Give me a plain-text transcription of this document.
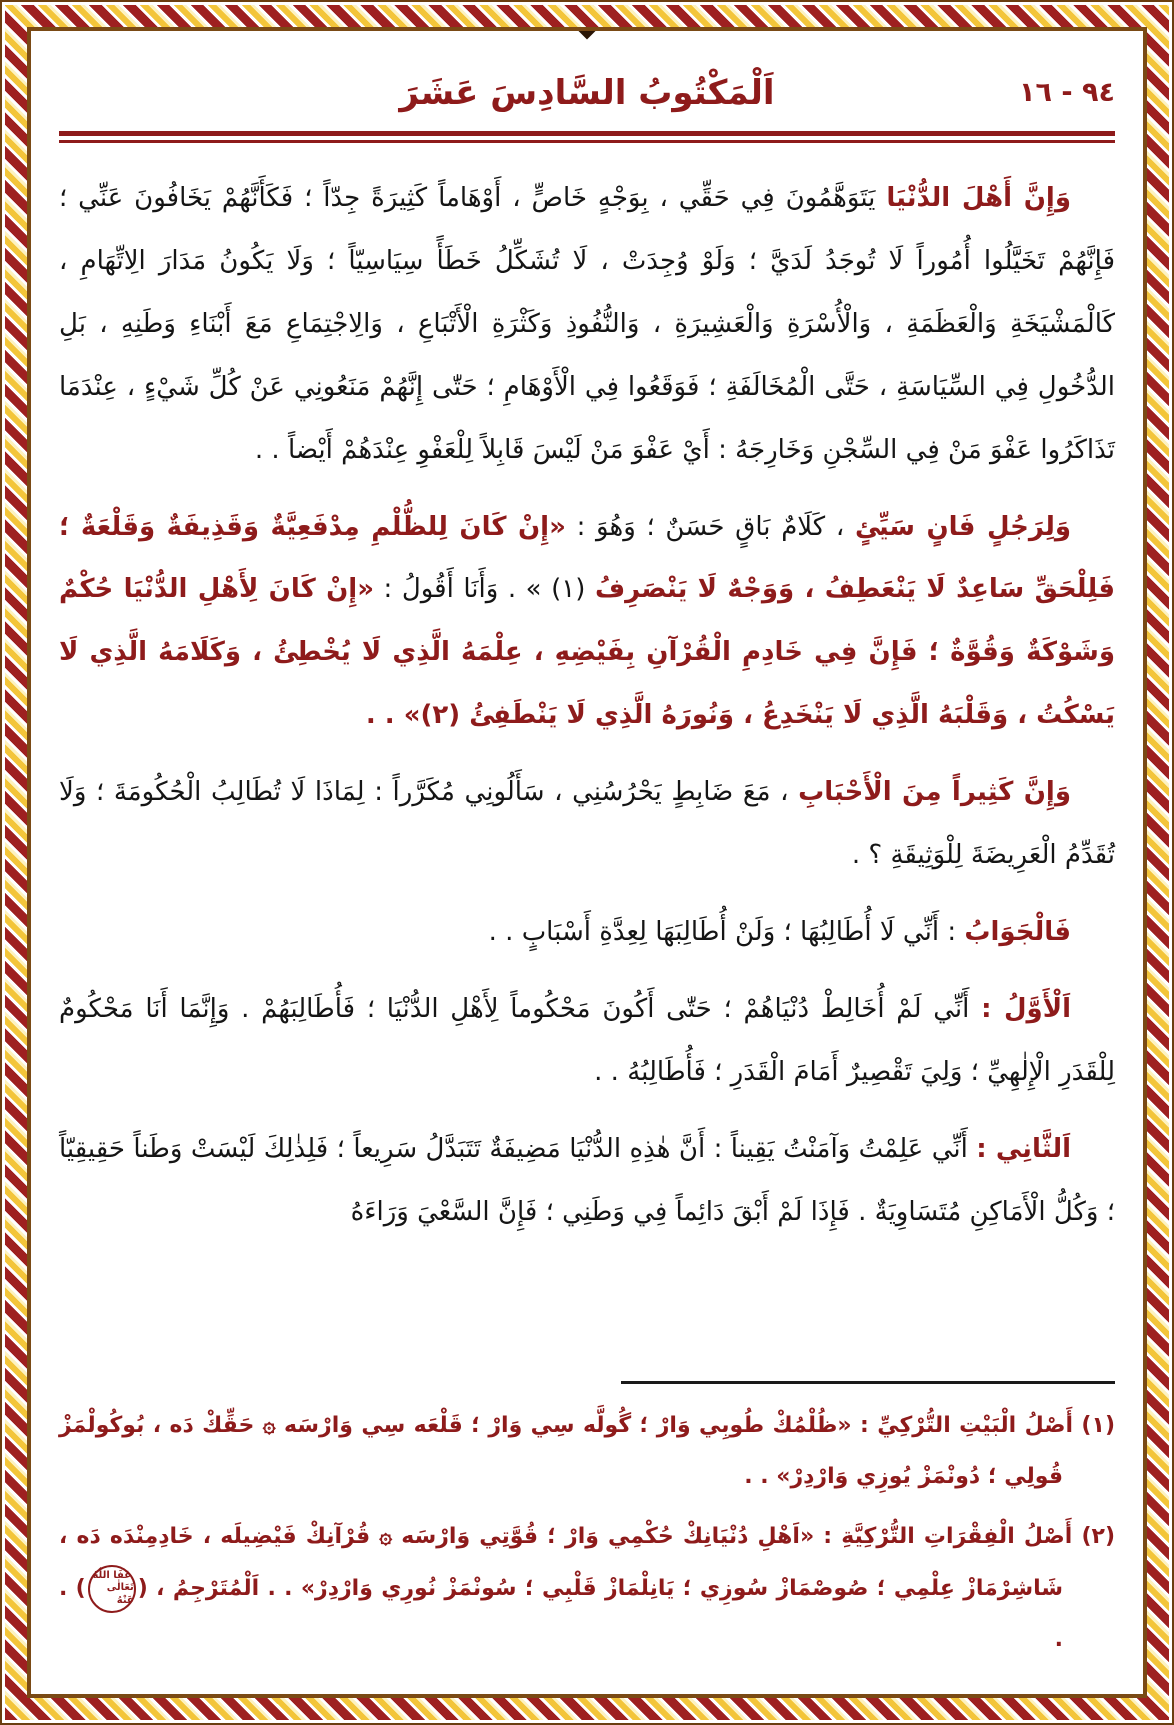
٩٤ - ١٦
اَلْمَكْتُوبُ السَّادِسَ عَشَرَ

وَإِنَّ أَهْلَ الدُّنْيَا يَتَوَهَّمُونَ فِي حَقِّي ، بِوَجْهٍ خَاصٍّ ، أَوْهَاماً كَثِيرَةً جِدّاً ؛ فَكَأَنَّهُمْ يَخَافُونَ عَنِّي ؛ فَإِنَّهُمْ تَخَيَّلُوا أُمُوراً لَا تُوجَدُ لَدَيَّ ؛ وَلَوْ وُجِدَتْ ، لَا تُشَكِّلُ خَطَأً سِيَاسِيّاً ؛ وَلَا يَكُونُ مَدَارَ الِاتِّهَامِ ، كَالْمَشْيَخَةِ وَالْعَظَمَةِ ، وَالْأُسْرَةِ وَالْعَشِيرَةِ ، وَالنُّفُوذِ وَكَثْرَةِ الْأَتْبَاعِ ، وَالِاجْتِمَاعِ مَعَ أَبْنَاءِ وَطَنِهِ ، بَلِ الدُّخُولِ فِي السِّيَاسَةِ ، حَتَّى الْمُخَالَفَةِ ؛ فَوَقَعُوا فِي الْأَوْهَامِ ؛ حَتّٰى إِنَّهُمْ مَنَعُونِي عَنْ كُلِّ شَيْءٍ ، عِنْدَمَا تَذَاكَرُوا عَفْوَ مَنْ فِي السِّجْنِ وَخَارِجَهُ : أَيْ عَفْوَ مَنْ لَيْسَ قَابِلاً لِلْعَفْوِ عِنْدَهُمْ أَيْضاً . .

وَلِرَجُلٍ فَانٍ سَيِّئٍ ، كَلَامٌ بَاقٍ حَسَنٌ ؛ وَهُوَ : «إِنْ كَانَ لِلظُّلْمِ مِدْفَعِيَّةٌ وَقَذِيفَةٌ وَقَلْعَةٌ ؛ فَلِلْحَقِّ سَاعِدٌ لَا يَنْعَطِفُ ، وَوَجْهٌ لَا يَنْصَرِفُ (١) » . وَأَنَا أَقُولُ : «إِنْ كَانَ لِأَهْلِ الدُّنْيَا حُكْمٌ وَشَوْكَةٌ وَقُوَّةٌ ؛ فَإِنَّ فِي خَادِمِ الْقُرْآنِ بِفَيْضِهِ ، عِلْمَهُ الَّذِي لَا يُخْطِئُ ، وَكَلَامَهُ الَّذِي لَا يَسْكُتُ ، وَقَلْبَهُ الَّذِي لَا يَنْخَدِعُ ، وَنُورَهُ الَّذِي لَا يَنْطَفِئُ (٢)» . .

وَإِنَّ كَثِيراً مِنَ الْأَحْبَابِ ، مَعَ ضَابِطٍ يَحْرُسُنِي ، سَأَلُونِي مُكَرَّراً : لِمَاذَا لَا تُطَالِبُ الْحُكُومَةَ ؛ وَلَا تُقَدِّمُ الْعَرِيضَةَ لِلْوَثِيقَةِ ؟ .

فَالْجَوَابُ : أَنِّي لَا أُطَالِبُهَا ؛ وَلَنْ أُطَالِبَهَا لِعِدَّةِ أَسْبَابٍ . .

اَلْأَوَّلُ : أَنِّي لَمْ أُخَالِطْ دُنْيَاهُمْ ؛ حَتّٰى أَكُونَ مَحْكُوماً لِأَهْلِ الدُّنْيَا ؛ فَأُطَالِبَهُمْ . وَإِنَّمَا أَنَا مَحْكُومٌ لِلْقَدَرِ الْإِلٰهِيِّ ؛ وَلِيَ تَقْصِيرٌ أَمَامَ الْقَدَرِ ؛ فَأُطَالِبُهُ . .

اَلثَّانِي : أَنِّي عَلِمْتُ وَآمَنْتُ يَقِيناً : أَنَّ هٰذِهِ الدُّنْيَا مَضِيفَةٌ تَتَبَدَّلُ سَرِيعاً ؛ فَلِذٰلِكَ لَيْسَتْ وَطَناً حَقِيقِيّاً ؛ وَكُلُّ الْأَمَاكِنِ مُتَسَاوِيَةٌ . فَإِذَا لَمْ أَبْقَ دَائِماً فِي وَطَنِي ؛ فَإِنَّ السَّعْيَ وَرَاءَهُ

(١) أَصْلُ الْبَيْتِ التُّرْكِيِّ : «ظُلْمُكْ طُوبِي وَارْ ؛ گُولَّه سِي وَارْ ؛ قَلْعَه سِي وَارْسَه ۞ حَقِّكْ دَه ، بُوكُولْمَزْ قُولِي ؛ دُونْمَزْ يُوزِي وَارْدِرْ» . .

(٢) أَصْلُ الْفِقْرَاتِ التُّرْكِيَّةِ : «اَهْلِ دُنْيَانِكْ حُكْمِي وَارْ ؛ قُوَّتِي وَارْسَه ۞ قُرْآنِكْ فَيْضِيلَه ، خَادِمِنْدَه دَه ، شَاشِرْمَازْ عِلْمِي ؛ صُوصْمَازْ سُوزِي ؛ يَانِلْمَازْ قَلْبِي ؛ سُونْمَزْ نُورِي وَارْدِرْ» . . اَلْمُتَرْجِمُ ، (
عَفَا اللّٰهُ
تَعَالٰى عَنْهُ
) . .
